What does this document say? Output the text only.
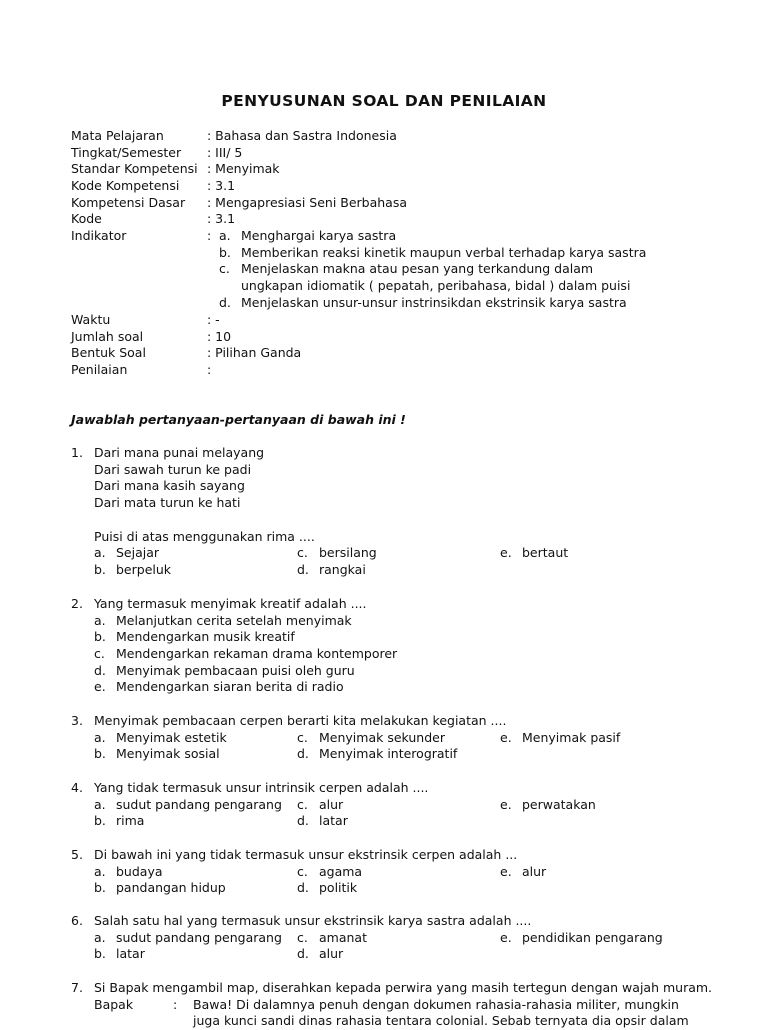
PENYUSUNAN SOAL DAN PENILAIAN
Mata Pelajaran	: Bahasa dan Sastra Indonesia
Tingkat/Semester	: III/ 5
Standar Kompetensi : Menyimak
Kode Kompetensi	: 3.1
Kompetensi Dasar	: Mengapresiasi Seni Berbahasa
Kode	: 3.1
Indikator	: a. Menghargai karya sastra
b. Memberikan reaksi kinetik maupun verbal terhadap karya sastra
c. Menjelaskan makna atau pesan yang terkandung dalam ungkapan idiomatik ( pepatah, peribahasa, bidal ) dalam puisi
d. Menjelaskan unsur-unsur instrinsikdan ekstrinsik karya sastra
Waktu	: -
Jumlah soal	: 10
Bentuk Soal	: Pilihan Ganda
Penilaian	:
Jawablah pertanyaan-pertanyaan di bawah ini !
1. Dari mana punai melayang
Dari sawah turun ke padi
Dari mana kasih sayang
Dari mata turun ke hati
Puisi di atas menggunakan rima ....
a. Sejajar	c. bersilang	e. bertaut
b. berpeluk	d. rangkai
2. Yang termasuk menyimak kreatif adalah ....
a. Melanjutkan cerita setelah menyimak
b. Mendengarkan musik kreatif
c. Mendengarkan rekaman drama kontemporer
d. Menyimak pembacaan puisi oleh guru
e. Mendengarkan siaran berita di radio
3. Menyimak pembacaan cerpen berarti kita melakukan kegiatan ....
a. Menyimak estetik	c. Menyimak sekunder	e. Menyimak pasif
b. Menyimak sosial	d. Menyimak interogratif
4. Yang tidak termasuk unsur intrinsik cerpen adalah ....
a. sudut pandang pengarang c. alur	e. perwatakan
b. rima	d. latar
5. Di bawah ini yang tidak termasuk unsur ekstrinsik cerpen adalah ...
a. budaya	c. agama	e. alur
b. pandangan hidup	d. politik
6. Salah satu hal yang termasuk unsur ekstrinsik karya sastra adalah ....
a. sudut pandang pengarang c. amanat	e. pendidikan pengarang
b. latar	d. alur
7. Si Bapak mengambil map, diserahkan kepada perwira yang masih tertegun dengan wajah muram.
Bapak	:	Bawa! Di dalamnya penuh dengan dokumen rahasia-rahasia militer, mungkin
juga kunci sandi dinas rahasia tentara colonial. Sebab ternyata dia opsir dalam
